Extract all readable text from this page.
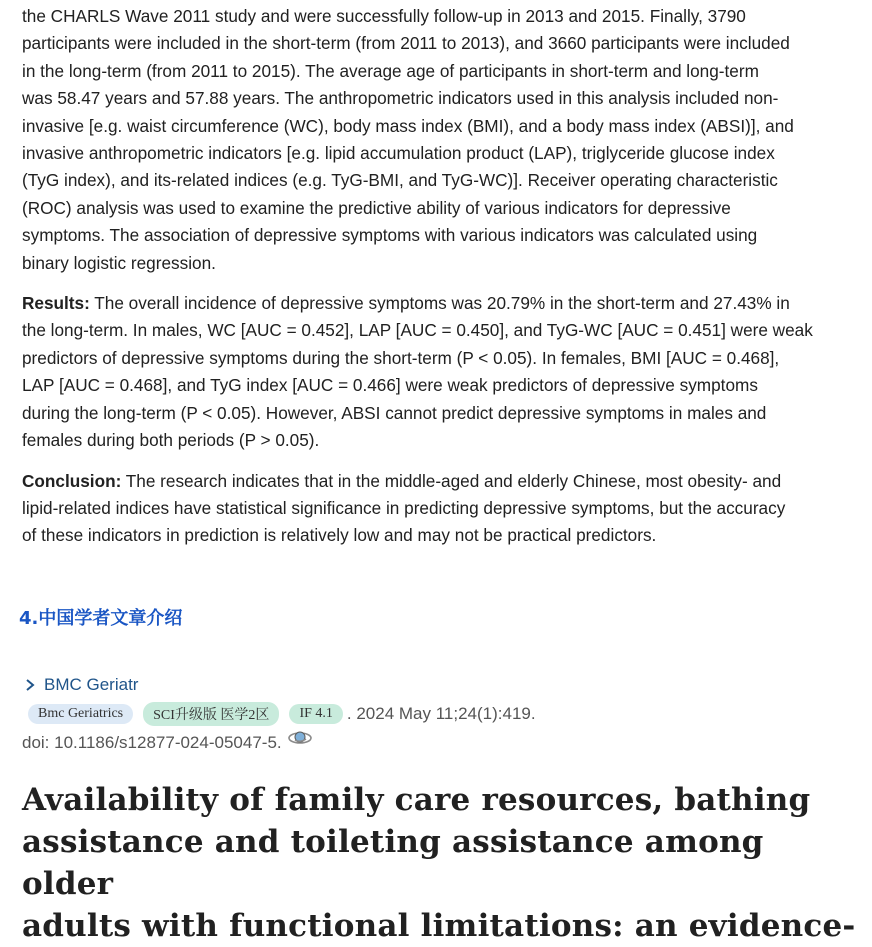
the CHARLS Wave 2011 study and were successfully follow-up in 2013 and 2015. Finally, 3790
participants were included in the short-term (from 2011 to 2013), and 3660 participants were included
in the long-term (from 2011 to 2015). The average age of participants in short-term and long-term
was 58.47 years and 57.88 years. The anthropometric indicators used in this analysis included non-
invasive [e.g. waist circumference (WC), body mass index (BMI), and a body mass index (ABSI)], and
invasive anthropometric indicators [e.g. lipid accumulation product (LAP), triglyceride glucose index
(TyG index), and its-related indices (e.g. TyG-BMI, and TyG-WC)]. Receiver operating characteristic
(ROC) analysis was used to examine the predictive ability of various indicators for depressive
symptoms. The association of depressive symptoms with various indicators was calculated using
binary logistic regression.
Results: The overall incidence of depressive symptoms was 20.79% in the short-term and 27.43% in
the long-term. In males, WC [AUC = 0.452], LAP [AUC = 0.450], and TyG-WC [AUC = 0.451] were weak
predictors of depressive symptoms during the short-term (P < 0.05). In females, BMI [AUC = 0.468],
LAP [AUC = 0.468], and TyG index [AUC = 0.466] were weak predictors of depressive symptoms
during the long-term (P < 0.05). However, ABSI cannot predict depressive symptoms in males and
females during both periods (P > 0.05).
Conclusion: The research indicates that in the middle-aged and elderly Chinese, most obesity- and
lipid-related indices have statistical significance in predicting depressive symptoms, but the accuracy
of these indicators in prediction is relatively low and may not be practical predictors.
4.中国学者文章介绍
BMC Geriatr
Bmc Geriatrics	SCI升级版 医学2区	IF 4.1 . 2024 May 11;24(1):419.
doi: 10.1186/s12877-024-05047-5.
Availability of family care resources, bathing
assistance and toileting assistance among older
adults with functional limitations: an evidence-
